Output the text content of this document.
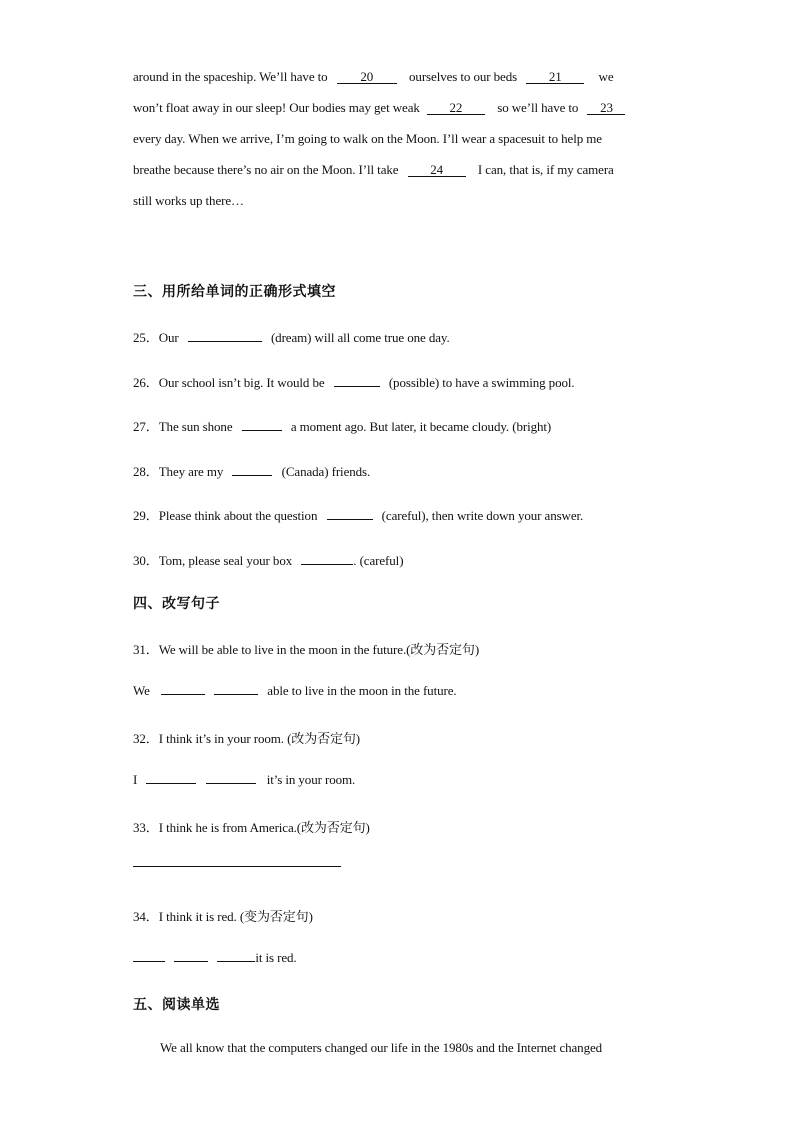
around in the spaceship. We’ll have to	20	ourselves to our beds 21	we
won’t float away in our sleep! Our bodies may get weak 22	so we’ll have to 23
every day. When we arrive, I’m going to walk on the Moon. I’ll wear a spacesuit to help me
breathe because there’s no air on the Moon. I’ll take 24	I can, that is, if my camera
still works up there…
三、用所给单词的正确形式填空
25．Our	(dream) will all come true one day.
26．Our school isn’t big. It would be	(possible) to have a swimming pool.
27．The sun shone	a moment ago. But later, it became cloudy. (bright)
28．They are my	(Canada) friends.
29．Please think about the question	(careful), then write down your answer.
30．Tom, please seal your box	. (careful)
四、改写句子
31．We will be able to live in the moon in the future.(改为否定句)
We	able to live in the moon in the future.
32．I think it’s in your room. (改为否定句)
I	it’s in your room.
33．I think he is from America.(改为否定句)
34．I think it is red. (变为否定句)
it is red.
五、阅读单选
We all know that the computers changed our life in the 1980s and the Internet changed
